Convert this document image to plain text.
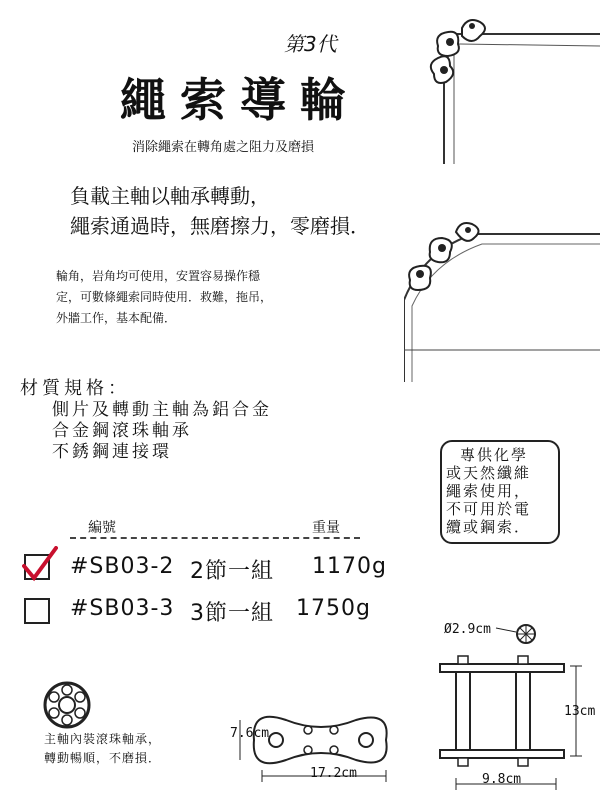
第3代
繩索導輪
消除繩索在轉角處之阻力及磨損
負載主軸以軸承轉動，
繩索通過時，無磨擦力，零磨損．
輪角，岩角均可使用，安置容易操作穩
定，可數條繩索同時使用．救難，拖吊，
外牆工作，基本配備．
材質規格：
側片及轉動主軸為鋁合金
合金鋼滾珠軸承
不銹鋼連接環	專供化學
或天然纖維
繩索使用，
不可用於電
纜或鋼索．
編號	重量
#SB03-2 2節一組 1170g
#SB03-3 3節一組 1750g
主軸內裝滾珠軸承，
轉動暢順，不磨損．
7.6cm
17.2cm
Ø2.9cm
13cm
9.8cm
